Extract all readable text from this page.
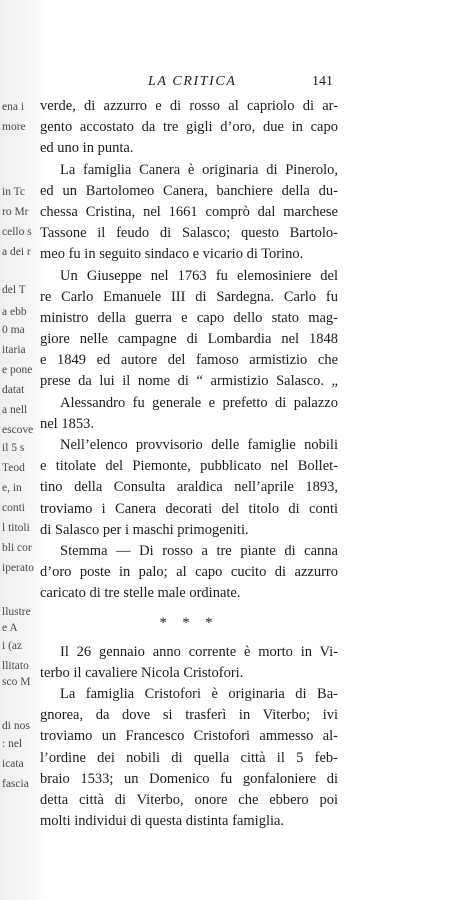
ena i
more
in Tc
ro Mr
cello s
a dei r
del T
a ebb
0 ma
itaria
e pone
datat
a nell
escove
il 5 s
Teod
e, in
conti
l titoli
bli cor
iperato
llustre
e A
i (az
llitato
sco M
di nos
: nel
icata
fascia
LA CRITICA	141
verde, di azzurro e di rosso al capriolo di ar-
gento accostato da tre gigli d’oro, due in capo
ed uno in punta.
La famiglia Canera è originaria di Pinerolo,
ed un Bartolomeo Canera, banchiere della du-
chessa Cristina, nel 1661 comprò dal marchese
Tassone il feudo di Salasco; questo Bartolo-
meo fu in seguito sindaco e vicario di Torino.
Un Giuseppe nel 1763 fu elemosiniere del
re Carlo Emanuele III di Sardegna. Carlo fu
ministro della guerra e capo dello stato mag-
giore nelle campagne di Lombardia nel 1848
e 1849 ed autore del famoso armistizio che
prese da lui il nome di “ armistizio Salasco. „
Alessandro fu generale e prefetto di palazzo
nel 1853.
Nell’elenco provvisorio delle famiglie nobili
e titolate del Piemonte, pubblicato nel Bollet-
tino della Consulta araldica nell’aprile 1893,
troviamo i Canera decorati del titolo di conti
di Salasco per i maschi primogeniti.
Stemma — Di rosso a tre piante di canna
d’oro poste in palo; al capo cucito di azzurro
caricato di tre stelle male ordinate.
* * *
Il 26 gennaio anno corrente è morto in Vi-
terbo il cavaliere Nicola Cristofori.
La famiglia Cristofori è originaria di Ba-
gnorea, da dove si trasferì in Viterbo; ivi
troviamo un Francesco Cristofori ammesso al-
l’ordine dei nobili di quella città il 5 feb-
braio 1533; un Domenico fu gonfaloniere di
detta città di Viterbo, onore che ebbero poi
molti individui di questa distinta famiglia.
